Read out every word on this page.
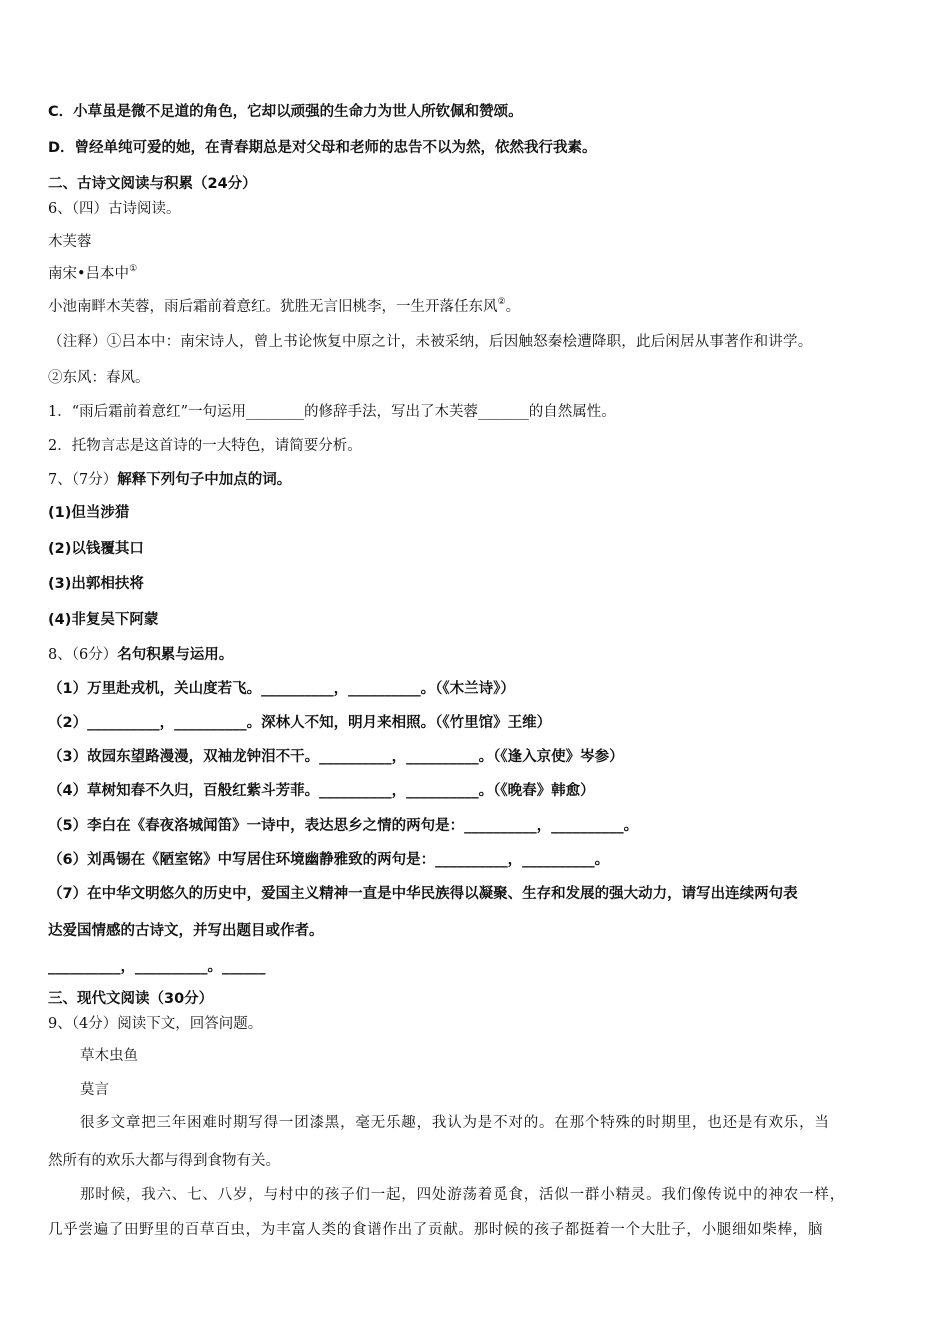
C．小草虽是微不足道的角色，它却以顽强的生命力为世人所钦佩和赞颂。
D．曾经单纯可爱的她，在青春期总是对父母和老师的忠告不以为然，依然我行我素。
二、古诗文阅读与积累（24分）
6、（四）古诗阅读。
木芙蓉
南宋•吕本中①
小池南畔木芙蓉，雨后霜前着意红。犹胜无言旧桃李，一生开落任东风②。
（注释）①吕本中：南宋诗人，曾上书论恢复中原之计，未被采纳，后因触怒秦桧遭降职，此后闲居从事著作和讲学。
②东风：春风。
1．“雨后霜前着意红”一句运用________的修辞手法，写出了木芙蓉_______的自然属性。
2．托物言志是这首诗的一大特色，请简要分析。
7、（7分）解释下列句子中加点的词。
(1)但当涉猎
(2)以钱覆其口
(3)出郭相扶将
(4)非复吴下阿蒙
8、（6分）名句积累与运用。
（1）万里赴戎机，关山度若飞。__________，__________。（《木兰诗》）
（2）__________，__________。深林人不知，明月来相照。（《竹里馆》王维）
（3）故园东望路漫漫，双袖龙钟泪不干。__________，__________。（《逢入京使》岑参）
（4）草树知春不久归，百般红紫斗芳菲。__________，__________。（《晚春》韩愈）
（5）李白在《春夜洛城闻笛》一诗中，表达思乡之情的两句是：__________，__________。
（6）刘禹锡在《陋室铭》中写居住环境幽静雅致的两句是：__________，__________。
（7）在中华文明悠久的历史中，爱国主义精神一直是中华民族得以凝聚、生存和发展的强大动力，请写出连续两句表
达爱国情感的古诗文，并写出题目或作者。
__________，__________。______
三、现代文阅读（30分）
9、（4分）阅读下文，回答问题。
草木虫鱼
莫言
很多文章把三年困难时期写得一团漆黑，毫无乐趣，我认为是不对的。在那个特殊的时期里，也还是有欢乐，当
然所有的欢乐大都与得到食物有关。
那时候，我六、七、八岁，与村中的孩子们一起，四处游荡着觅食，活似一群小精灵。我们像传说中的神农一样，
几乎尝遍了田野里的百草百虫，为丰富人类的食谱作出了贡献。那时候的孩子都挺着一个大肚子，小腿细如柴棒，脑
